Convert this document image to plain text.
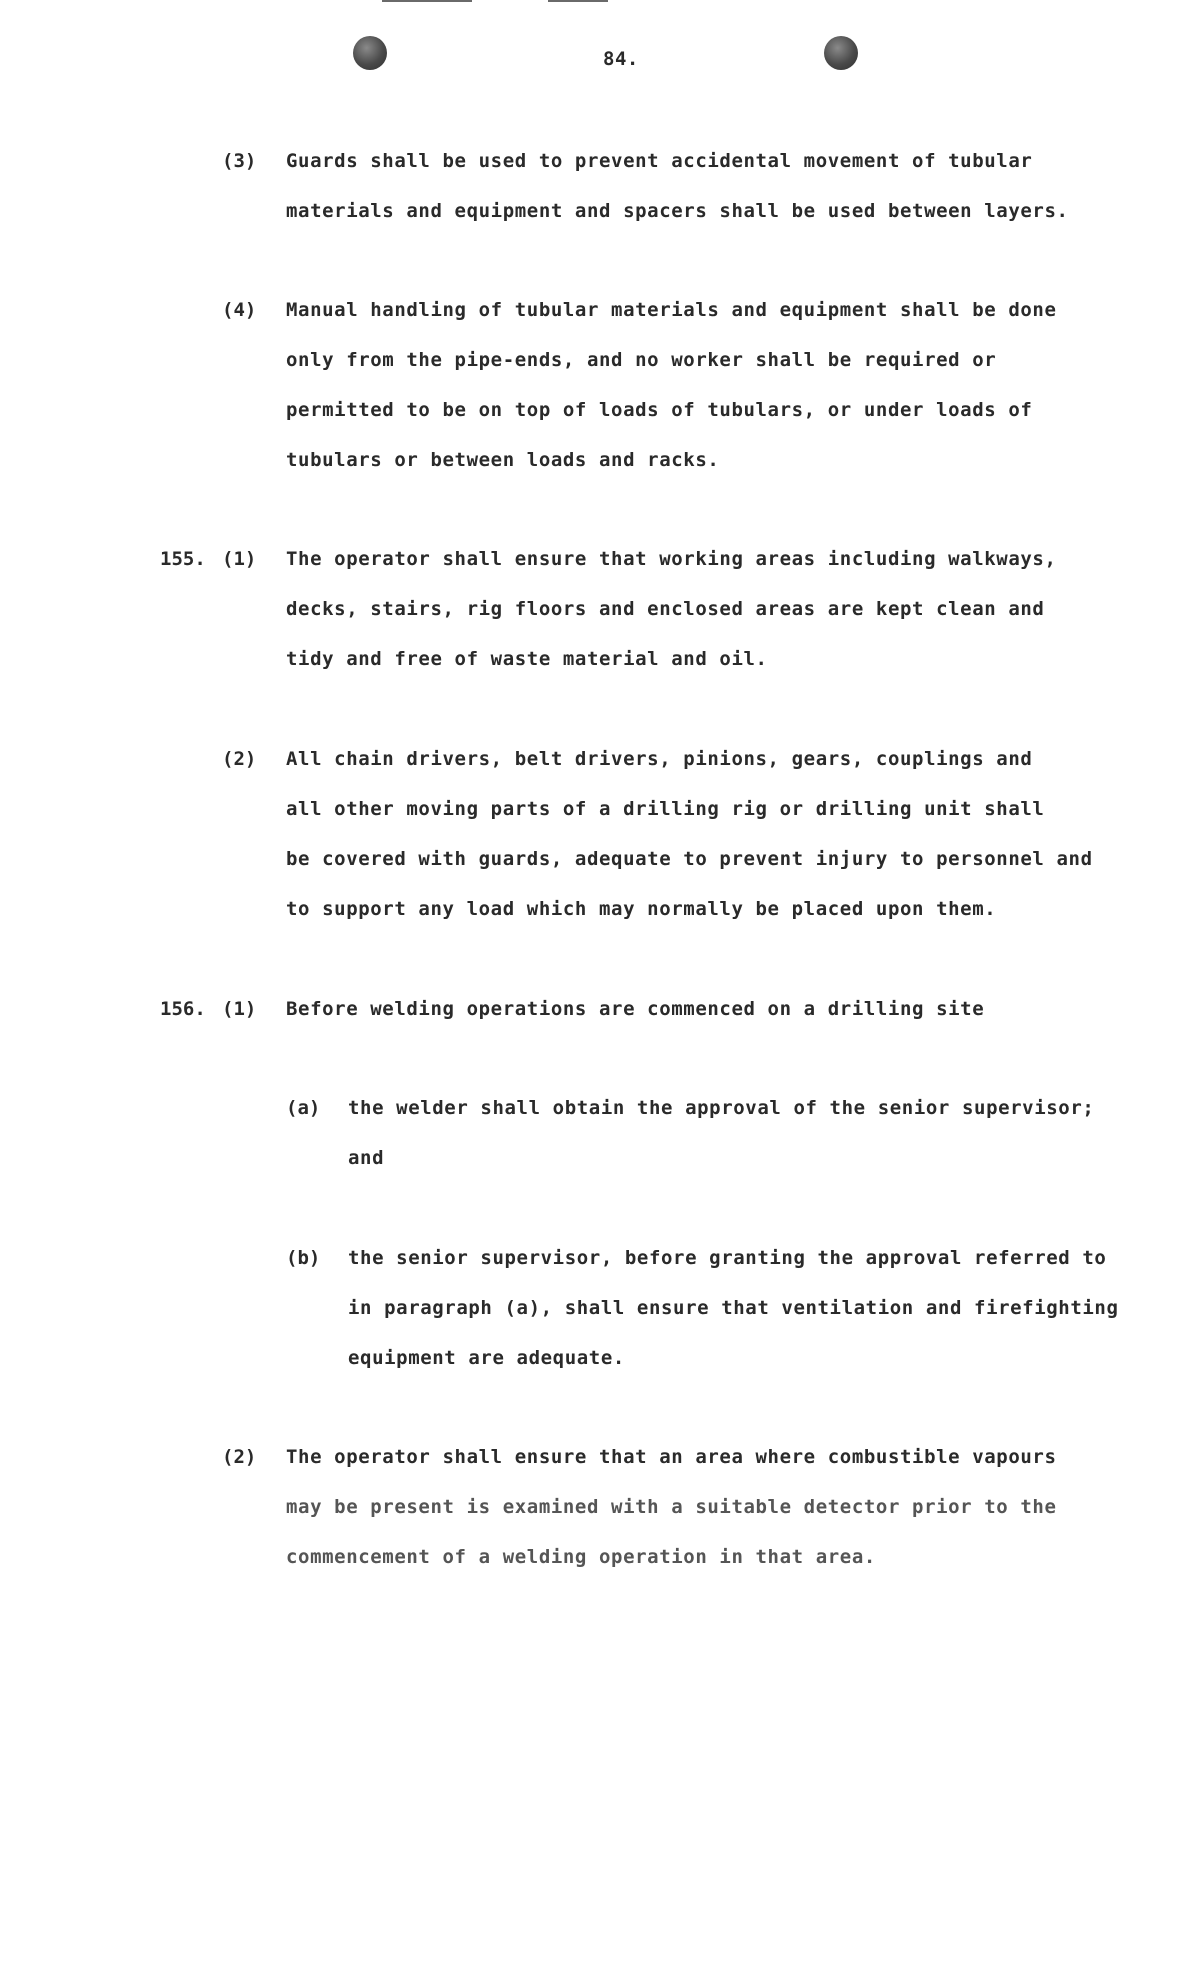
84.
(3) Guards shall be used to prevent accidental movement of tubular
materials and equipment and spacers shall be used between layers.
(4) Manual handling of tubular materials and equipment shall be done
only from the pipe-ends, and no worker shall be required or
permitted to be on top of loads of tubulars, or under loads of
tubulars or between loads and racks.
155. (1) The operator shall ensure that working areas including walkways,
decks, stairs, rig floors and enclosed areas are kept clean and
tidy and free of waste material and oil.
(2) All chain drivers, belt drivers, pinions, gears, couplings and
all other moving parts of a drilling rig or drilling unit shall
be covered with guards, adequate to prevent injury to personnel and
to support any load which may normally be placed upon them.
156. (1) Before welding operations are commenced on a drilling site
(a) the welder shall obtain the approval of the senior supervisor;
and
(b) the senior supervisor, before granting the approval referred to
in paragraph (a), shall ensure that ventilation and firefighting
equipment are adequate.
(2) The operator shall ensure that an area where combustible vapours
may be present is examined with a suitable detector prior to the
commencement of a welding operation in that area.
